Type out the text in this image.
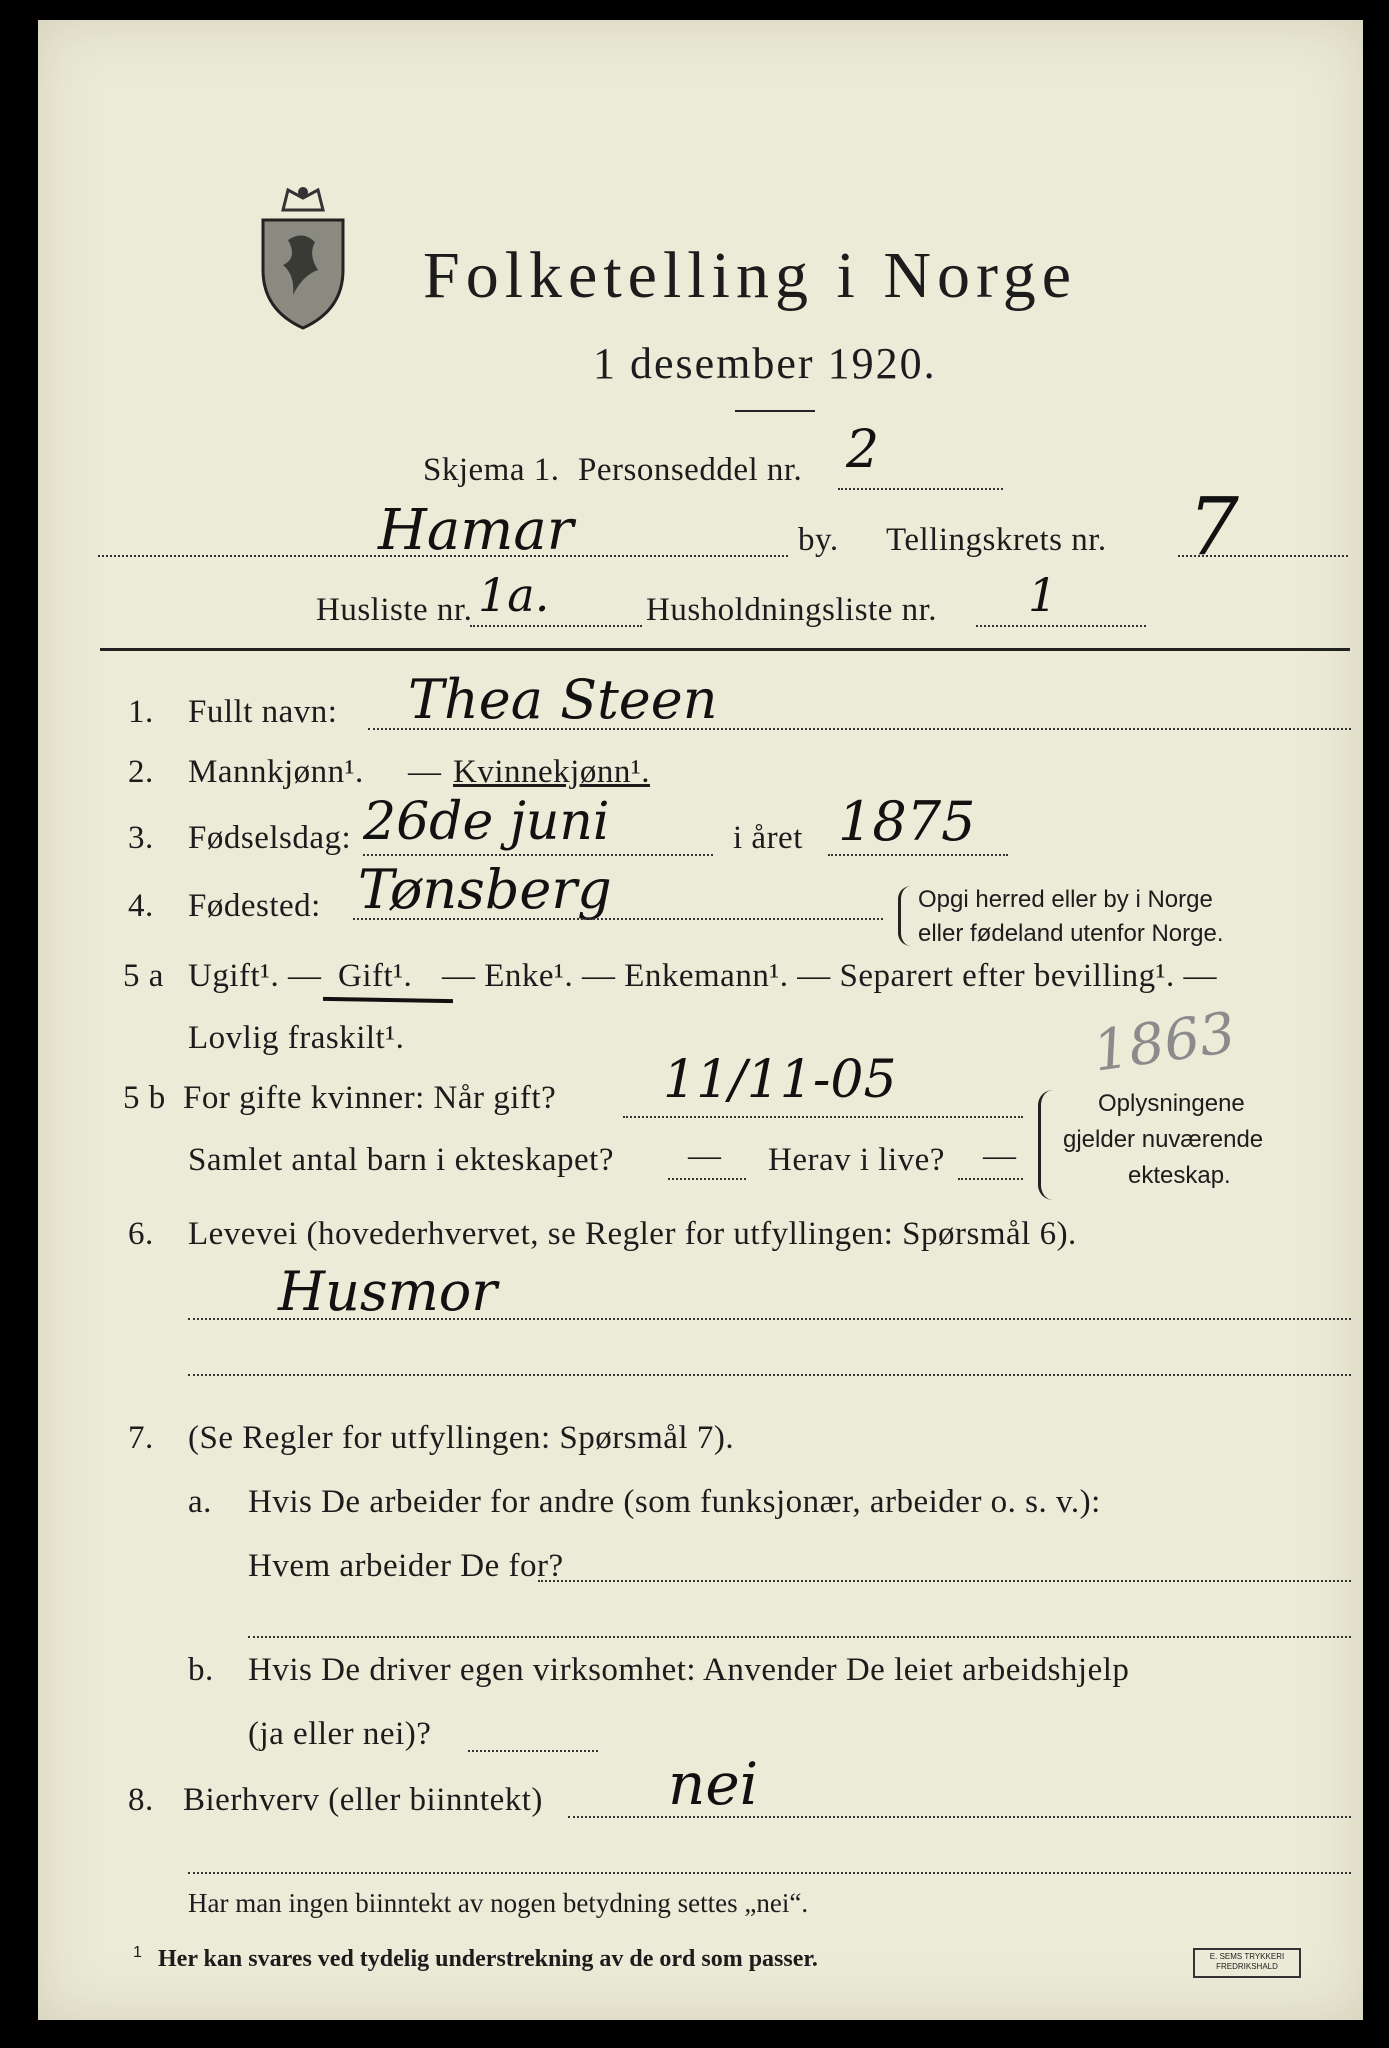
Folketelling i Norge
1 desember 1920.
Skjema 1. Personseddel nr. 2
Hamar	by. Tellingskrets nr. 7
Husliste nr. 1a.	Husholdningsliste nr. 1
1. Fullt navn: Thea Steen
2. Mannkjønn¹. — Kvinnekjønn¹.
3. Fødselsdag: 26de juni	i året 1875
4. Fødested: Tønsberg	Opgi herred eller by i Norge
eller fødeland utenfor Norge.
5 a Ugift¹. — Gift¹. — Enke¹. — Enkemann¹. — Separert efter bevilling¹. —
Lovlig fraskilt¹.	1863
5 b For gifte kvinner: Når gift? 11/11-05
Samlet antal barn i ekteskapet? — Herav i live? —
Oplysningene
gjelder nuværende
ekteskap.
6. Levevei (hovederhvervet, se Regler for utfyllingen: Spørsmål 6).
Husmor
7. (Se Regler for utfyllingen: Spørsmål 7).
a. Hvis De arbeider for andre (som funksjonær, arbeider o. s. v.):
Hvem arbeider De for?
b. Hvis De driver egen virksomhet: Anvender De leiet arbeidshjelp
(ja eller nei)?
8. Bierhverv (eller biinntekt) nei
Har man ingen biinntekt av nogen betydning settes „nei“.
1 Her kan svares ved tydelig understrekning av de ord som passer.	E. SEMS TRYKKERI FREDRIKSHALD
